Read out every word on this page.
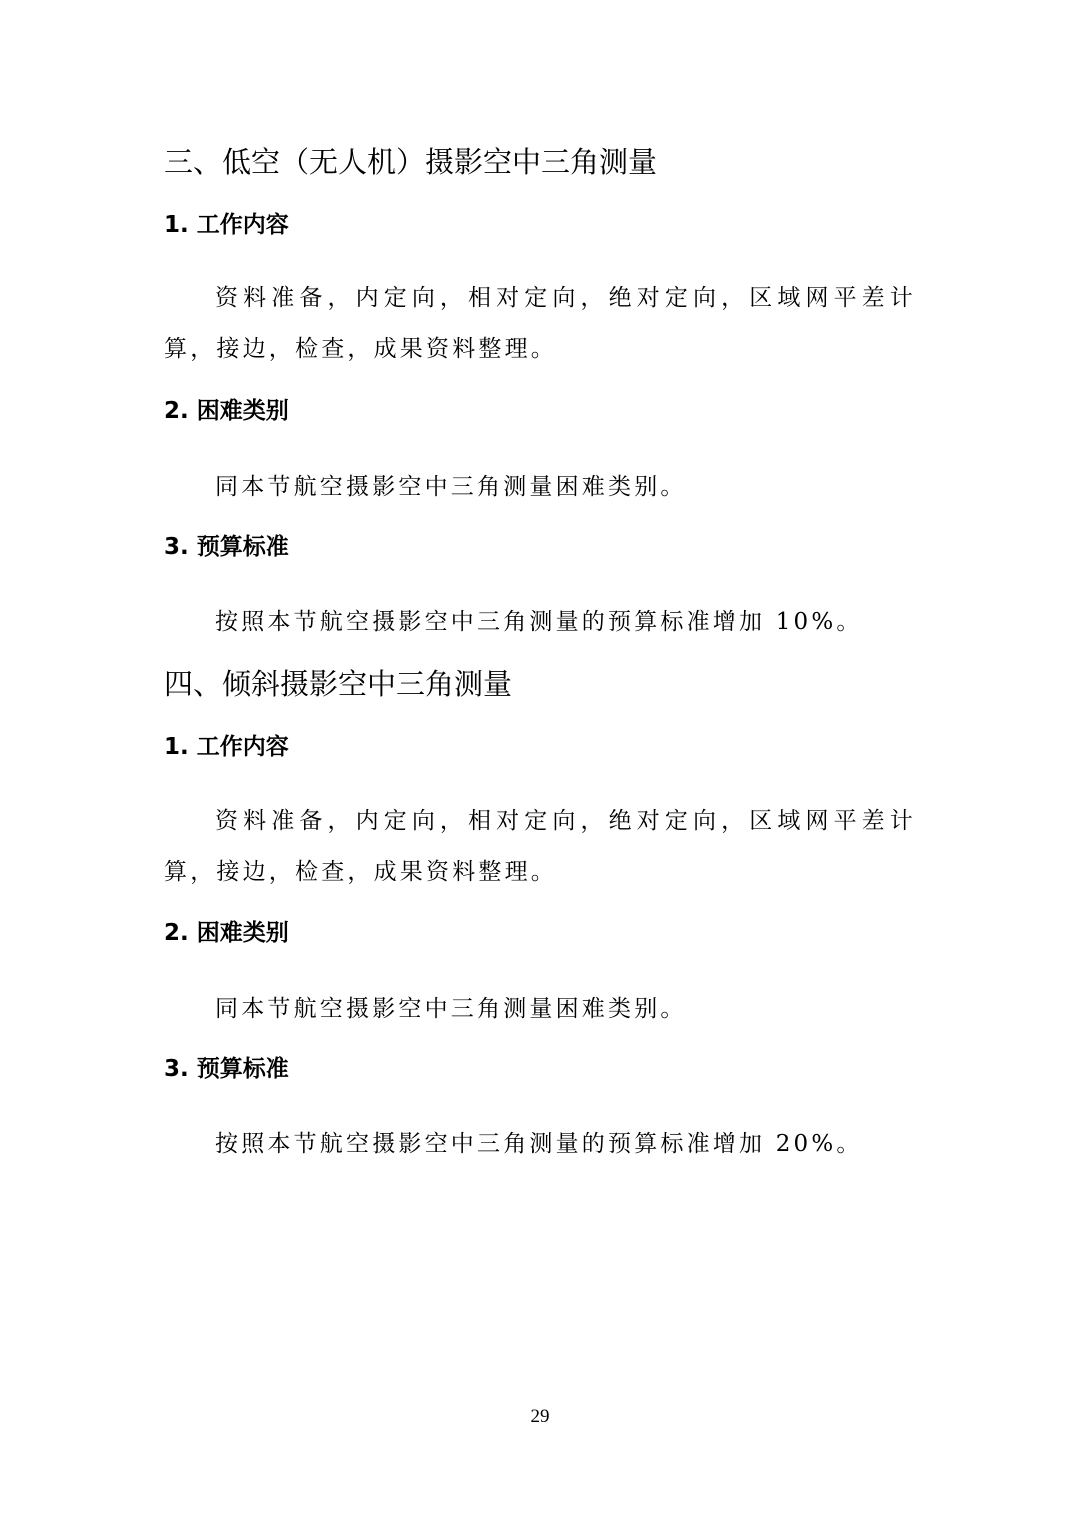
三、低空（无人机）摄影空中三角测量
1. 工作内容

资料准备，内定向，相对定向，绝对定向，区域网平差计算，接边，检查，成果资料整理。

2. 困难类别

同本节航空摄影空中三角测量困难类别。

3. 预算标准

按照本节航空摄影空中三角测量的预算标准增加 10%。

四、倾斜摄影空中三角测量
1. 工作内容

资料准备，内定向，相对定向，绝对定向，区域网平差计算，接边，检查，成果资料整理。

2. 困难类别

同本节航空摄影空中三角测量困难类别。

3. 预算标准

按照本节航空摄影空中三角测量的预算标准增加 20%。

29
